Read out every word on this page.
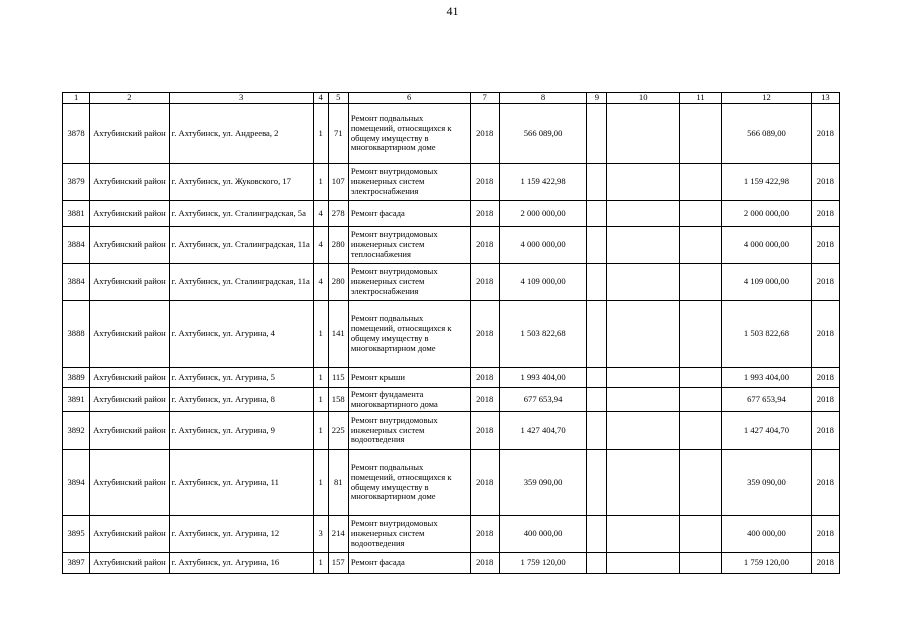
41
1	2	3	4	5	6	7	8	9	10	11	12	13
3878	Ахтубинский район	г. Ахтубинск, ул. Андреева, 2	1	71	Ремонт подвальных помещений, относящихся к общему имуществу в многоквартирном доме	2018	566 089,00				566 089,00	2018
3879	Ахтубинский район	г. Ахтубинск, ул. Жуковского, 17	1	107	Ремонт внутридомовых инженерных систем электроснабжения	2018	1 159 422,98				1 159 422,98	2018
3881	Ахтубинский район	г. Ахтубинск, ул. Сталинградская, 5а	4	278	Ремонт фасада	2018	2 000 000,00				2 000 000,00	2018
3884	Ахтубинский район	г. Ахтубинск, ул. Сталинградская, 11а	4	280	Ремонт внутридомовых инженерных систем теплоснабжения	2018	4 000 000,00				4 000 000,00	2018
3884	Ахтубинский район	г. Ахтубинск, ул. Сталинградская, 11а	4	280	Ремонт внутридомовых инженерных систем электроснабжения	2018	4 109 000,00				4 109 000,00	2018
3888	Ахтубинский район	г. Ахтубинск, ул. Агурина, 4	1	141	Ремонт подвальных помещений, относящихся к общему имуществу в многоквартирном доме	2018	1 503 822,68				1 503 822,68	2018
3889	Ахтубинский район	г. Ахтубинск, ул. Агурина, 5	1	115	Ремонт крыши	2018	1 993 404,00				1 993 404,00	2018
3891	Ахтубинский район	г. Ахтубинск, ул. Агурина, 8	1	158	Ремонт фундамента многоквартирного дома	2018	677 653,94				677 653,94	2018
3892	Ахтубинский район	г. Ахтубинск, ул. Агурина, 9	1	225	Ремонт внутридомовых инженерных систем водоотведения	2018	1 427 404,70				1 427 404,70	2018
3894	Ахтубинский район	г. Ахтубинск, ул. Агурина, 11	1	81	Ремонт подвальных помещений, относящихся к общему имуществу в многоквартирном доме	2018	359 090,00				359 090,00	2018
3895	Ахтубинский район	г. Ахтубинск, ул. Агурина, 12	3	214	Ремонт внутридомовых инженерных систем водоотведения	2018	400 000,00				400 000,00	2018
3897	Ахтубинский район	г. Ахтубинск, ул. Агурина, 16	1	157	Ремонт фасада	2018	1 759 120,00				1 759 120,00	2018
